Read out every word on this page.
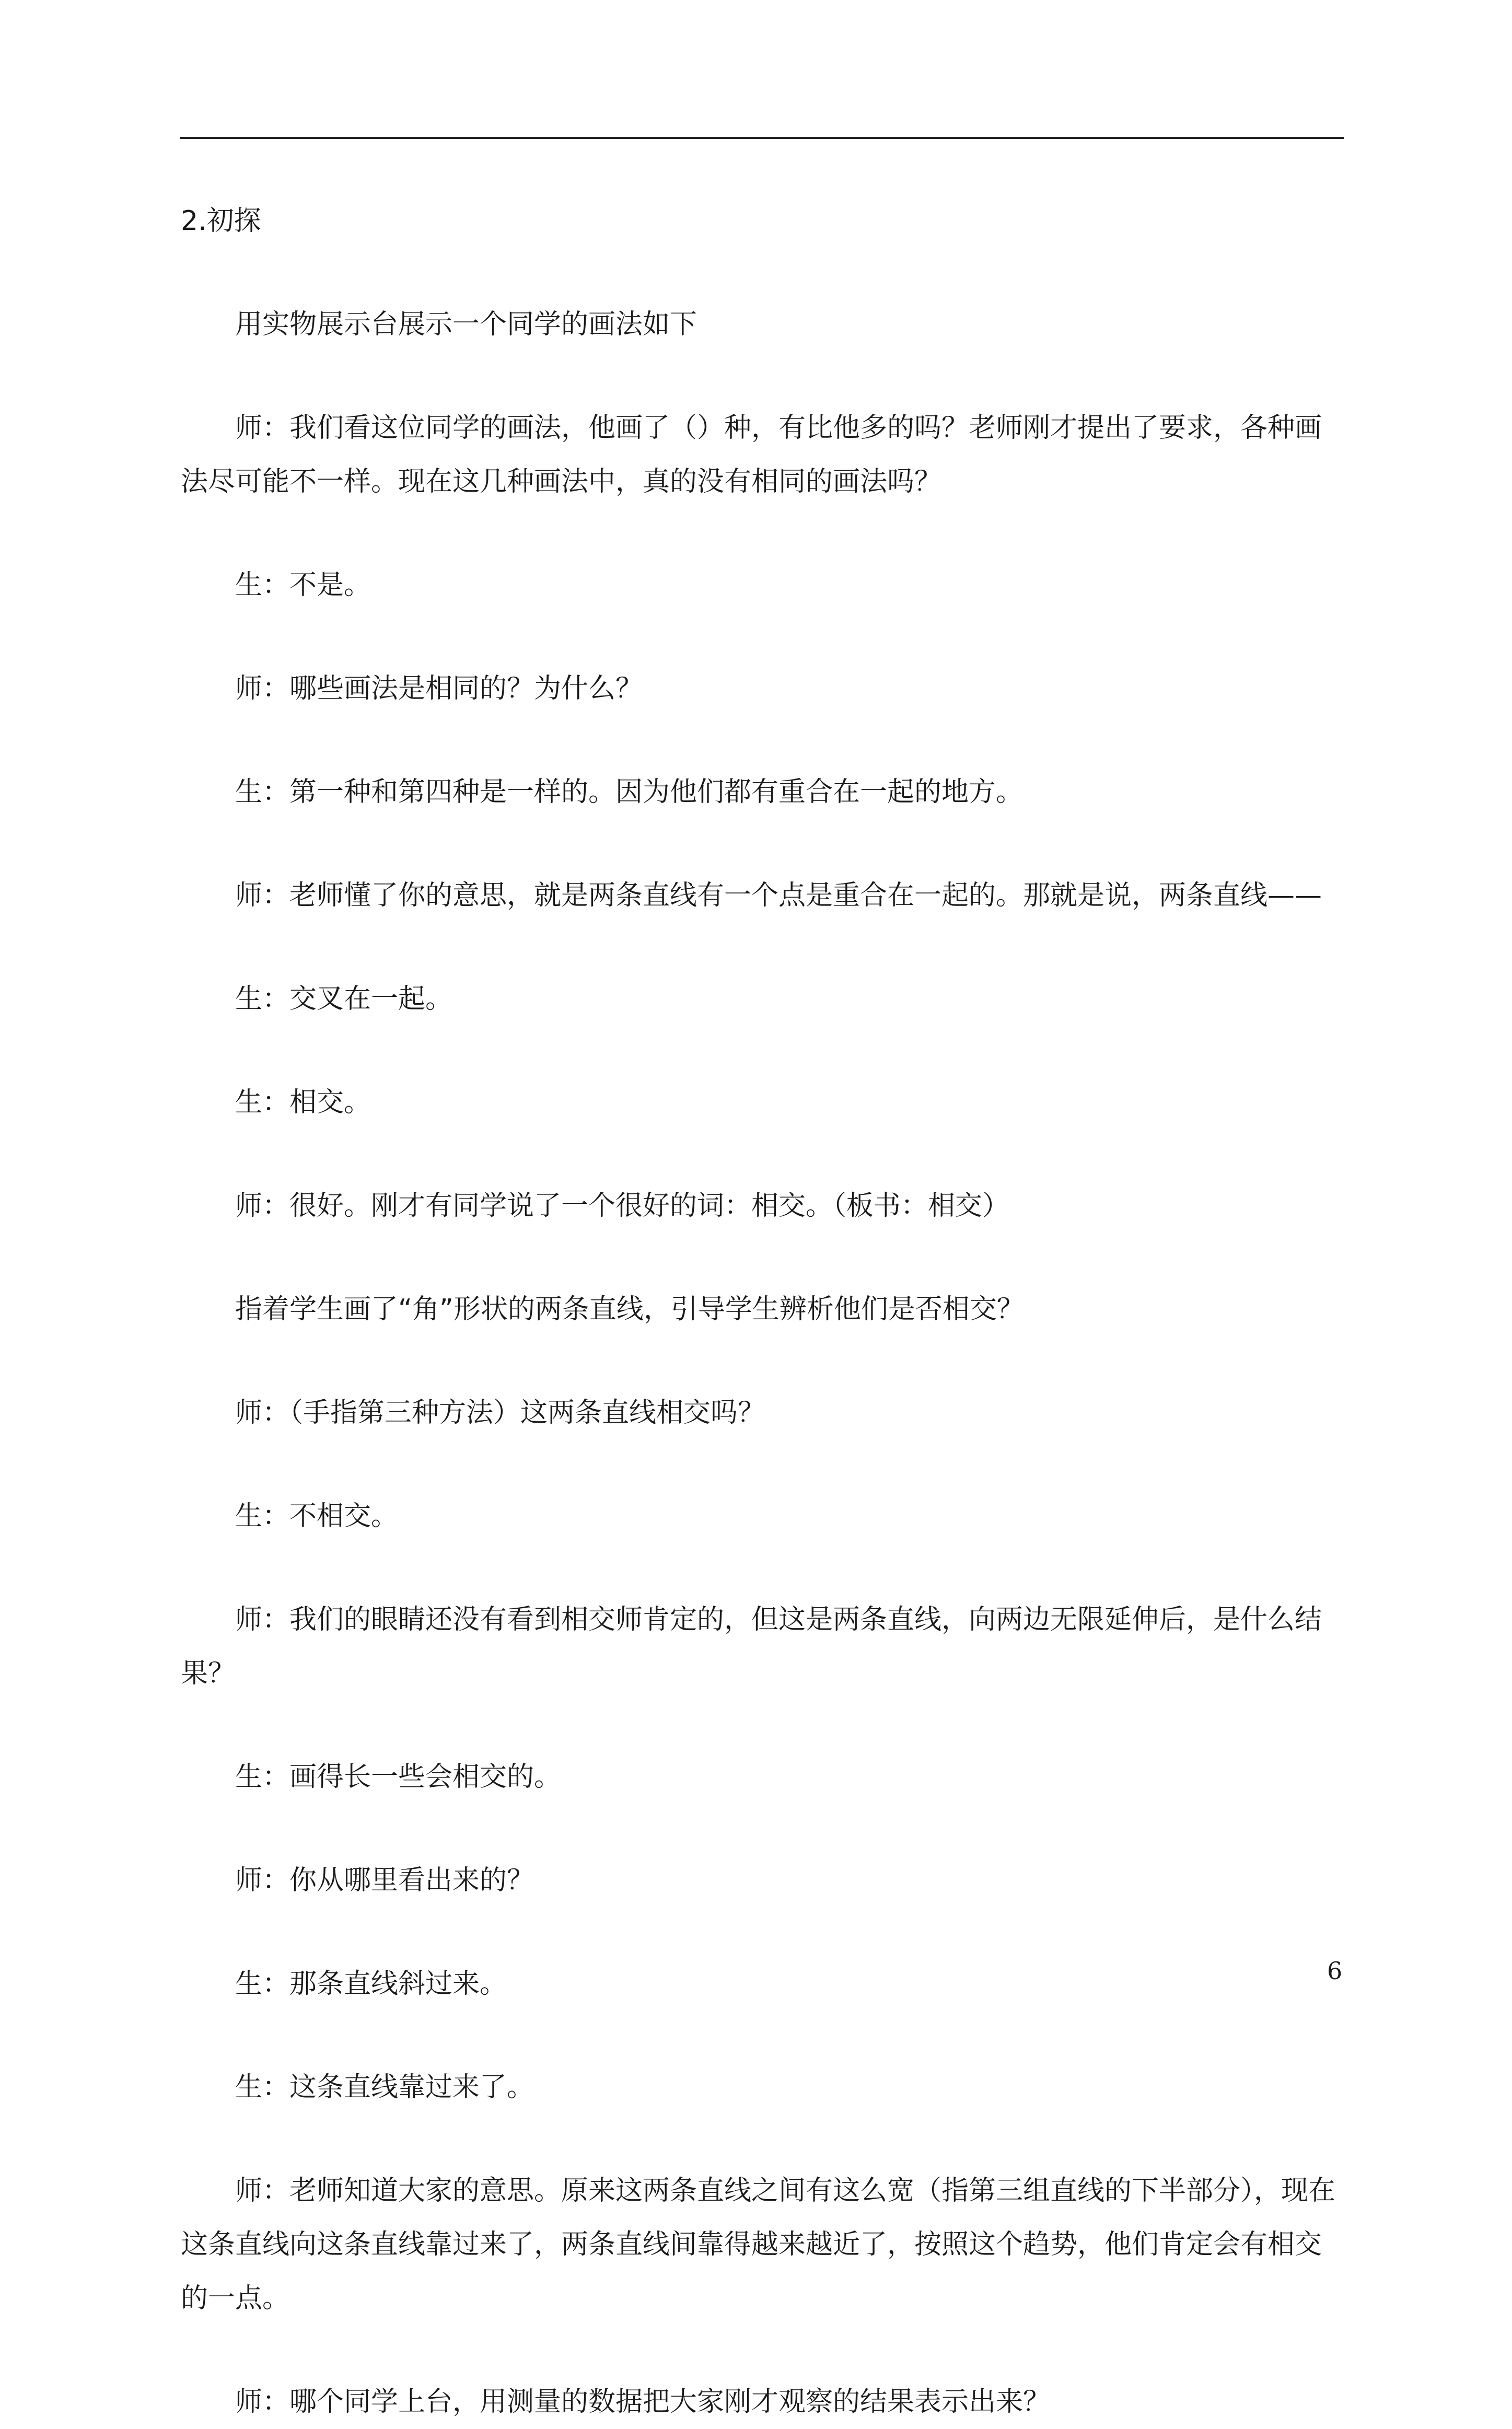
2.初探

用实物展示台展示一个同学的画法如下

师：我们看这位同学的画法，他画了（）种，有比他多的吗？老师刚才提出了要求，各种画法尽可能不一样。现在这几种画法中，真的没有相同的画法吗？

生：不是。

师：哪些画法是相同的？为什么？

生：第一种和第四种是一样的。因为他们都有重合在一起的地方。

师：老师懂了你的意思，就是两条直线有一个点是重合在一起的。那就是说，两条直线——

生：交叉在一起。

生：相交。

师：很好。刚才有同学说了一个很好的词：相交。（板书：相交）

指着学生画了“角”形状的两条直线，引导学生辨析他们是否相交？

师：（手指第三种方法）这两条直线相交吗？

生：不相交。

师：我们的眼睛还没有看到相交师肯定的，但这是两条直线，向两边无限延伸后，是什么结果？

生：画得长一些会相交的。

师：你从哪里看出来的？

生：那条直线斜过来。

生：这条直线靠过来了。

师：老师知道大家的意思。原来这两条直线之间有这么宽（指第三组直线的下半部分），现在这条直线向这条直线靠过来了，两条直线间靠得越来越近了，按照这个趋势，他们肯定会有相交的一点。

师：哪个同学上台，用测量的数据把大家刚才观察的结果表示出来？

6
